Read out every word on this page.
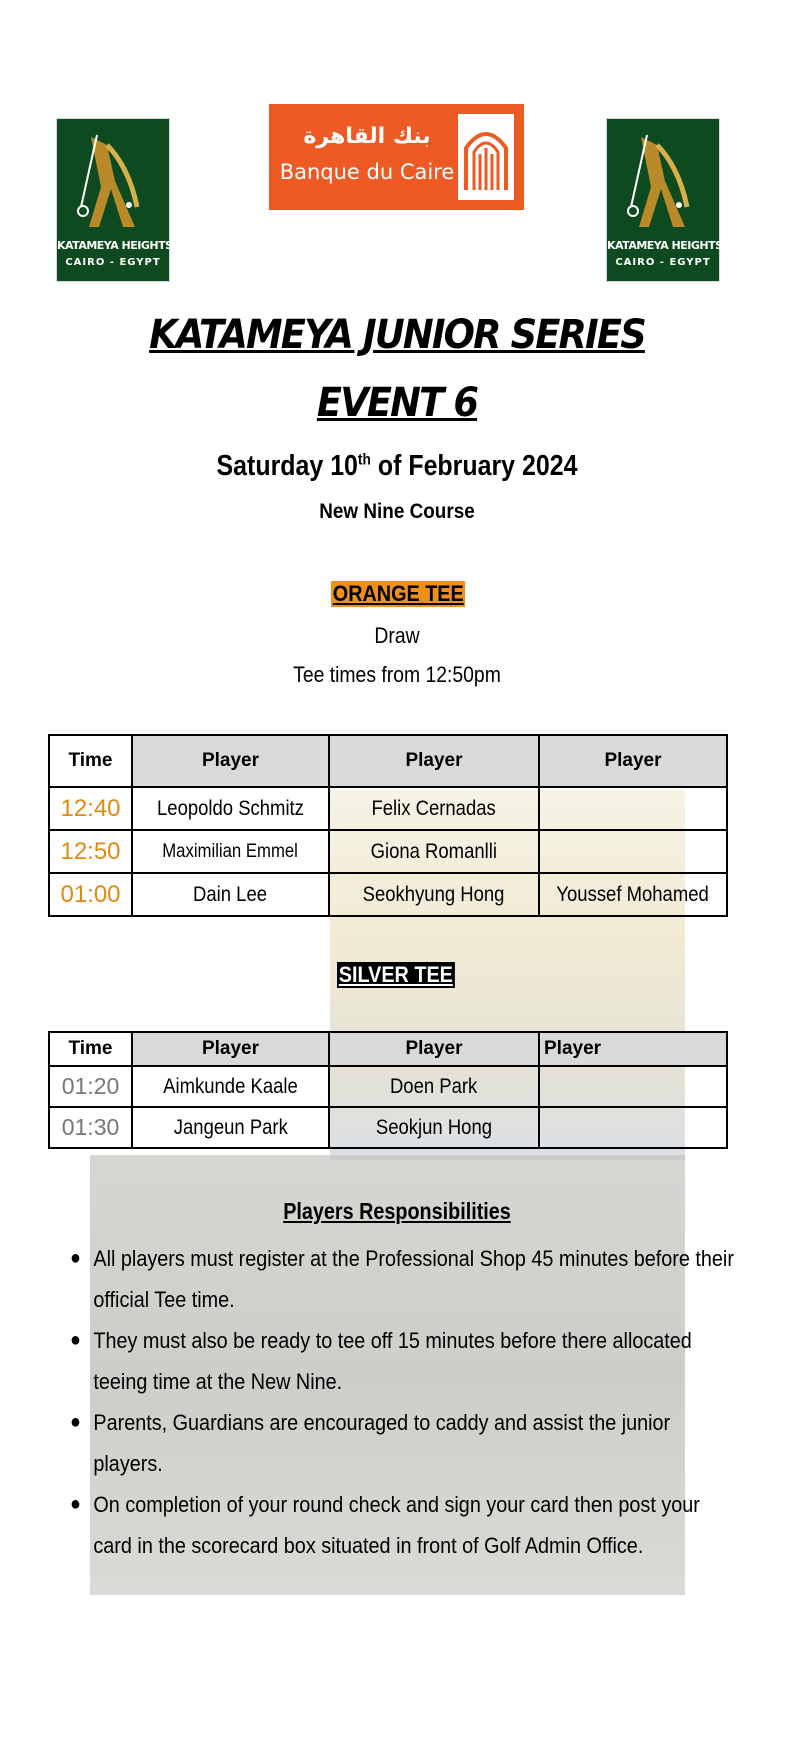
KATAMEYA HEIGHTS
CAIRO - EGYPT
بنك القاهرة
Banque du Caire
KATAMEYA HEIGHTS
CAIRO - EGYPT
KATAMEYA JUNIOR SERIES
EVENT 6
Saturday 10th of February 2024
New Nine Course
ORANGE TEE
Draw
Tee times from 12:50pm
Time	Player	Player	Player
12:40	Leopoldo Schmitz	Felix Cernadas	
12:50	Maximilian Emmel	Giona Romanlli	
01:00	Dain Lee	Seokhyung Hong	Youssef Mohamed
SILVER TEE
Time	Player	Player	Player
01:20	Aimkunde Kaale	Doen Park	
01:30	Jangeun Park	Seokjun Hong	
Players Responsibilities
● All players must register at the Professional Shop 45 minutes before their
official Tee time.
● They must also be ready to tee off 15 minutes before there allocated
teeing time at the New Nine.
● Parents, Guardians are encouraged to caddy and assist the junior
players.
● On completion of your round check and sign your card then post your
card in the scorecard box situated in front of Golf Admin Office.
